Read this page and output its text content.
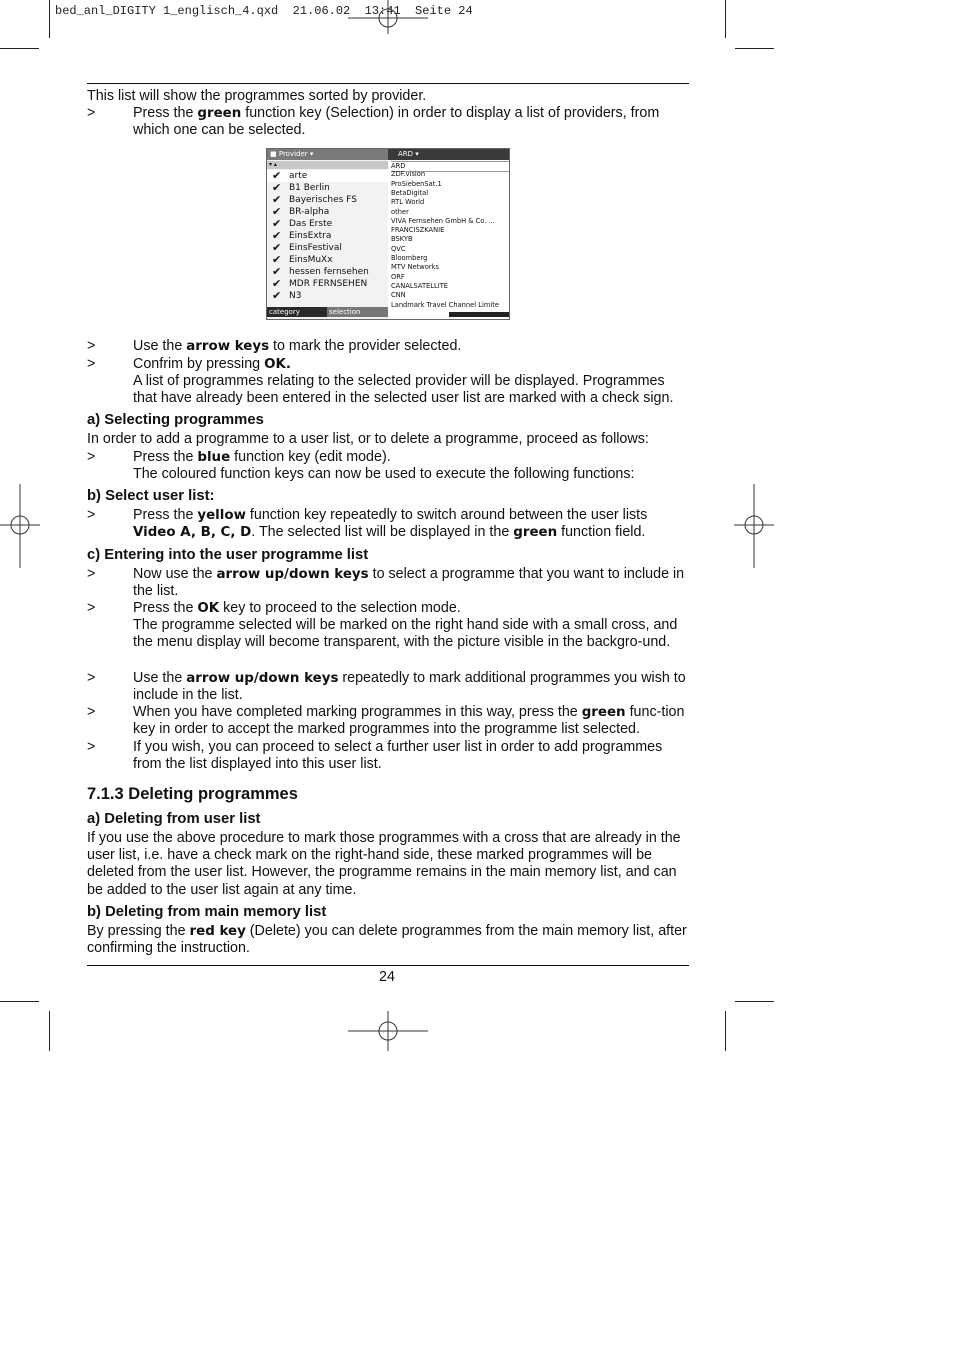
bed_anl_DIGITY 1_englisch_4.qxd  21.06.02  13:41  Seite 24
This list will show the programmes sorted by provider.
>	Press the green function key (Selection) in order to display a list of providers, from which one can be selected.
■ Provider ▾
▾ ▴
✔ arte
✔ B1 Berlin
✔ Bayerisches FS
✔ BR-alpha
✔ Das Erste
✔ EinsExtra
✔ EinsFestival
✔ EinsMuXx
✔ hessen fernsehen
✔ MDR FERNSEHEN
✔ N3
ARD ▾
ARD
ZDF.vision
ProSiebenSat.1
BetaDigital
RTL World
other
VIVA Fernsehen GmbH & Co. ...
FRANCISZKANIE
BSKYB
QVC
Bloomberg
MTV Networks
ORF
CANALSATELLITE
CNN
Landmark Travel Channel Limite
category	selection
>	Use the arrow keys to mark the provider selected.
>	Confrim by pressing OK.
A list of programmes relating to the selected provider will be displayed. Programmes that have already been entered in the selected user list are marked with a check sign.
a) Selecting programmes
In order to add a programme to a user list, or to delete a programme, proceed as follows:
>	Press the blue function key (edit mode).
The coloured function keys can now be used to execute the following functions:
b) Select user list:
>	Press the yellow function key repeatedly to switch around between the user lists Video A, B, C, D. The selected list will be displayed in the green function field.
c) Entering into the user programme list
>	Now use the arrow up/down keys to select a programme that you want to include in the list.
>	Press the OK key to proceed to the selection mode.
The programme selected will be marked on the right hand side with a small cross, and the menu display will become transparent, with the picture visible in the backgro-und.
>	Use the arrow up/down keys repeatedly to mark additional programmes you wish to include in the list.
>	When you have completed marking programmes in this way, press the green func-tion key in order to accept the marked programmes into the programme list selected.
>	If you wish, you can proceed to select a further user list in order to add programmes from the list displayed into this user list.
7.1.3 Deleting programmes
a) Deleting from user list
If you use the above procedure to mark those programmes with a cross that are already in the user list, i.e. have a check mark on the right-hand side, these marked programmes will be deleted from the user list. However, the programme remains in the main memory list, and can be added to the user list again at any time.
b) Deleting from main memory list
By pressing the red key (Delete) you can delete programmes from the main memory list, after confirming the instruction.
24
